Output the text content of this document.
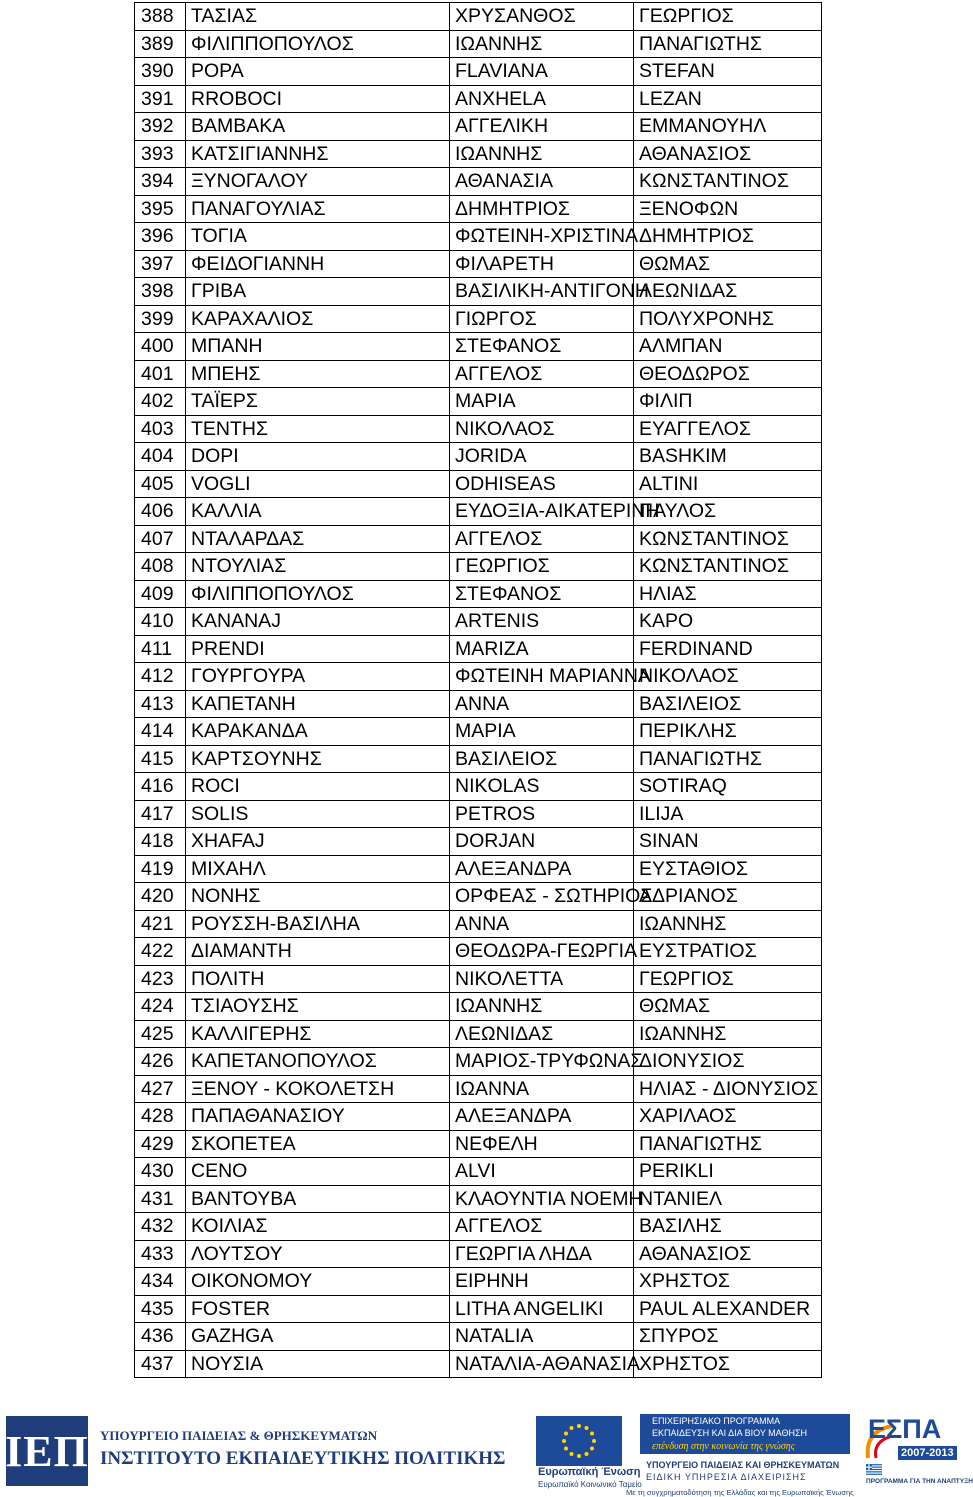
388	ΤΑΣΙΑΣ	ΧΡΥΣΑΝΘΟΣ	ΓΕΩΡΓΙΟΣ
389	ΦΙΛΙΠΠΟΠΟΥΛΟΣ	ΙΩΑΝΝΗΣ	ΠΑΝΑΓΙΩΤΗΣ
390	ΡΟΡΑ	FLAVIANA	STEFAN
391	RROBOCI	ANXHELA	LEZAN
392	ΒΑΜΒΑΚΑ	ΑΓΓΕΛΙΚΗ	ΕΜΜΑΝΟΥΗΛ
393	ΚΑΤΣΙΓΙΑΝΝΗΣ	ΙΩΑΝΝΗΣ	ΑΘΑΝΑΣΙΟΣ
394	ΞΥΝΟΓΑΛΟΥ	ΑΘΑΝΑΣΙΑ	ΚΩΝΣΤΑΝΤΙΝΟΣ
395	ΠΑΝΑΓΟΥΛΙΑΣ	ΔΗΜΗΤΡΙΟΣ	ΞΕΝΟΦΩΝ
396	ΤΟΓΙΑ	ΦΩΤΕΙΝΗ-ΧΡΙΣΤΙΝΑ	ΔΗΜΗΤΡΙΟΣ
397	ΦΕΙΔΟΓΙΑΝΝΗ	ΦΙΛΑΡΕΤΗ	ΘΩΜΑΣ
398	ΓΡΙΒΑ	ΒΑΣΙΛΙΚΗ-ΑΝΤΙΓΟΝΗ	ΛΕΩΝΙΔΑΣ
399	ΚΑΡΑΧΑΛΙΟΣ	ΓΙΩΡΓΟΣ	ΠΟΛΥΧΡΟΝΗΣ
400	ΜΠΑΝΗ	ΣΤΕΦΑΝΟΣ	ΑΛΜΠΑΝ
401	ΜΠΕΗΣ	ΑΓΓΕΛΟΣ	ΘΕΟΔΩΡΟΣ
402	ΤΑΪΕΡΣ	ΜΑΡΙΑ	ΦΙΛΙΠ
403	ΤΕΝΤΗΣ	ΝΙΚΟΛΑΟΣ	ΕΥΑΓΓΕΛΟΣ
404	DOPI	JORIDA	BASHKIM
405	VOGLI	ODHISEAS	ALTINI
406	ΚΑΛΛΙΑ	ΕΥΔΟΞΙΑ-ΑΙΚΑΤΕΡΙΝΗ	ΠΑΥΛΟΣ
407	ΝΤΑΛΑΡΔΑΣ	ΑΓΓΕΛΟΣ	ΚΩΝΣΤΑΝΤΙΝΟΣ
408	ΝΤΟΥΛΙΑΣ	ΓΕΩΡΓΙΟΣ	ΚΩΝΣΤΑΝΤΙΝΟΣ
409	ΦΙΛΙΠΠΟΠΟΥΛΟΣ	ΣΤΕΦΑΝΟΣ	ΗΛΙΑΣ
410	ΚΑΝΑΝΑJ	ARTENIS	KAPO
411	PRENDI	MARIZA	FERDINAND
412	ΓΟΥΡΓΟΥΡΑ	ΦΩΤΕΙΝΗ ΜΑΡΙΑΝΝΑ	ΝΙΚΟΛΑΟΣ
413	ΚΑΠΕΤΑΝΗ	ΑΝΝΑ	ΒΑΣΙΛΕΙΟΣ
414	ΚΑΡΑΚΑΝΔΑ	ΜΑΡΙΑ	ΠΕΡΙΚΛΗΣ
415	ΚΑΡΤΣΟΥΝΗΣ	ΒΑΣΙΛΕΙΟΣ	ΠΑΝΑΓΙΩΤΗΣ
416	ROCI	NIKOLAS	SOTIRAQ
417	SOLIS	PETROS	ILIJA
418	XHAFAJ	DORJAN	SINAN
419	ΜΙΧΑΗΛ	ΑΛΕΞΑΝΔΡΑ	ΕΥΣΤΑΘΙΟΣ
420	ΝΟΝΗΣ	ΟΡΦΕΑΣ - ΣΩΤΗΡΙΟΣ	ΑΔΡΙΑΝΟΣ
421	ΡΟΥΣΣΗ-ΒΑΣΙΛΗΑ	ΑΝΝΑ	ΙΩΑΝΝΗΣ
422	ΔΙΑΜΑΝΤΗ	ΘΕΟΔΩΡΑ-ΓΕΩΡΓΙΑ	ΕΥΣΤΡΑΤΙΟΣ
423	ΠΟΛΙΤΗ	ΝΙΚΟΛΕΤΤΑ	ΓΕΩΡΓΙΟΣ
424	ΤΣΙΑΟΥΣΗΣ	ΙΩΑΝΝΗΣ	ΘΩΜΑΣ
425	ΚΑΛΛΙΓΕΡΗΣ	ΛΕΩΝΙΔΑΣ	ΙΩΑΝΝΗΣ
426	ΚΑΠΕΤΑΝΟΠΟΥΛΟΣ	ΜΑΡΙΟΣ-ΤΡΥΦΩΝΑΣ	ΔΙΟΝΥΣΙΟΣ
427	ΞΕΝΟΥ - ΚΟΚΟΛΕΤΣΗ	ΙΩΑΝΝΑ	ΗΛΙΑΣ - ΔΙΟΝΥΣΙΟΣ
428	ΠΑΠΑΘΑΝΑΣΙΟΥ	ΑΛΕΞΑΝΔΡΑ	ΧΑΡΙΛΑΟΣ
429	ΣΚΟΠΕΤΕΑ	ΝΕΦΕΛΗ	ΠΑΝΑΓΙΩΤΗΣ
430	CENO	ALVI	PERIKLI
431	ΒΑΝΤΟΥΒΑ	ΚΛΑΟΥΝΤΙΑ ΝΟΕΜΗ	ΝΤΑΝΙΕΛ
432	ΚΟΙΛΙΑΣ	ΑΓΓΕΛΟΣ	ΒΑΣΙΛΗΣ
433	ΛΟΥΤΣΟΥ	ΓΕΩΡΓΙΑ ΛΗΔΑ	ΑΘΑΝΑΣΙΟΣ
434	ΟΙΚΟΝΟΜΟΥ	ΕΙΡΗΝΗ	ΧΡΗΣΤΟΣ
435	FOSTER	LITHA ANGELIKI	PAUL ALEXANDER
436	GAZHGA	NATALIA	ΣΠΥΡΟΣ
437	ΝΟΥΣΙΑ	ΝΑΤΑΛΙΑ-ΑΘΑΝΑΣΙΑ	ΧΡΗΣΤΟΣ
ΙΕΠ ΥΠΟΥΡΓΕΙΟ ΠΑΙΔΕΙΑΣ & ΘΡΗΣΚΕΥΜΑΤΩΝ
ΙΝΣΤΙΤΟΥΤΟ ΕΚΠΑΙΔΕΥΤΙΚΗΣ ΠΟΛΙΤΙΚΗΣ
Ευρωπαϊκή Ένωση
Ευρωπαϊκό Κοινωνικό Ταμείο
ΕΠΙΧΕΙΡΗΣΙΑΚΟ ΠΡΟΓΡΑΜΜΑ
ΕΚΠΑΙΔΕΥΣΗ ΚΑΙ ΔΙΑ ΒΙΟΥ ΜΑΘΗΣΗ
επένδυση στην κοινωνία της γνώσης
ΥΠΟΥΡΓΕΙΟ ΠΑΙΔΕΙΑΣ ΚΑΙ ΘΡΗΣΚΕΥΜΑΤΩΝ
ΕΙΔΙΚΗ ΥΠΗΡΕΣΙΑ ΔΙΑΧΕΙΡΙΣΗΣ
Με τη συγχρηματοδότηση της Ελλάδας και της Ευρωπαϊκής Ένωσης
ΕΣΠΑ
2007-2013
ΠΡΟΓΡΑΜΜΑ ΓΙΑ ΤΗΝ ΑΝΑΠΤΥΞΗ
